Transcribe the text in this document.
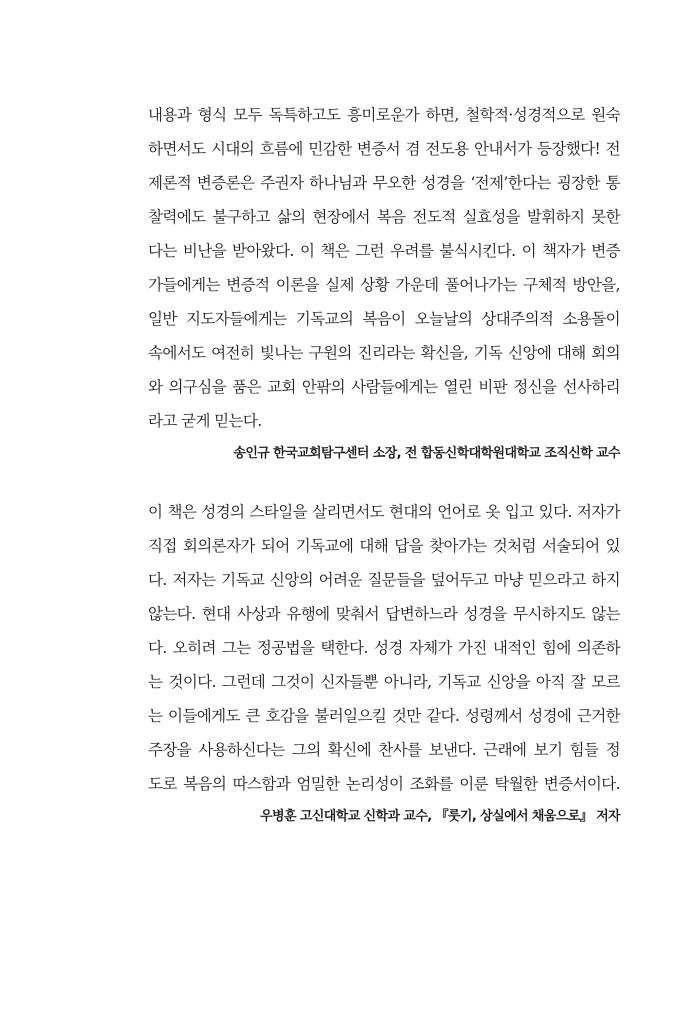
내용과 형식 모두 독특하고도 흥미로운가 하면, 철학적·성경적으로 원숙
하면서도 시대의 흐름에 민감한 변증서 겸 전도용 안내서가 등장했다! 전
제론적 변증론은 주권자 하나님과 무오한 성경을 ‘전제’한다는 굉장한 통
찰력에도 불구하고 삶의 현장에서 복음 전도적 실효성을 발휘하지 못한
다는 비난을 받아왔다. 이 책은 그런 우려를 불식시킨다. 이 책자가 변증
가들에게는 변증적 이론을 실제 상황 가운데 풀어나가는 구체적 방안을,
일반 지도자들에게는 기독교의 복음이 오늘날의 상대주의적 소용돌이
속에서도 여전히 빛나는 구원의 진리라는 확신을, 기독 신앙에 대해 회의
와 의구심을 품은 교회 안팎의 사람들에게는 열린 비판 정신을 선사하리
라고 굳게 믿는다.
송인규 한국교회탐구센터 소장, 전 합동신학대학원대학교 조직신학 교수
이 책은 성경의 스타일을 살리면서도 현대의 언어로 옷 입고 있다. 저자가
직접 회의론자가 되어 기독교에 대해 답을 찾아가는 것처럼 서술되어 있
다. 저자는 기독교 신앙의 어려운 질문들을 덮어두고 마냥 믿으라고 하지
않는다. 현대 사상과 유행에 맞춰서 답변하느라 성경을 무시하지도 않는
다. 오히려 그는 정공법을 택한다. 성경 자체가 가진 내적인 힘에 의존하
는 것이다. 그런데 그것이 신자들뿐 아니라, 기독교 신앙을 아직 잘 모르
는 이들에게도 큰 호감을 불러일으킬 것만 같다. 성령께서 성경에 근거한
주장을 사용하신다는 그의 확신에 찬사를 보낸다. 근래에 보기 힘들 정
도로 복음의 따스함과 엄밀한 논리성이 조화를 이룬 탁월한 변증서이다.
우병훈 고신대학교 신학과 교수, 『룻기, 상실에서 채움으로』 저자
